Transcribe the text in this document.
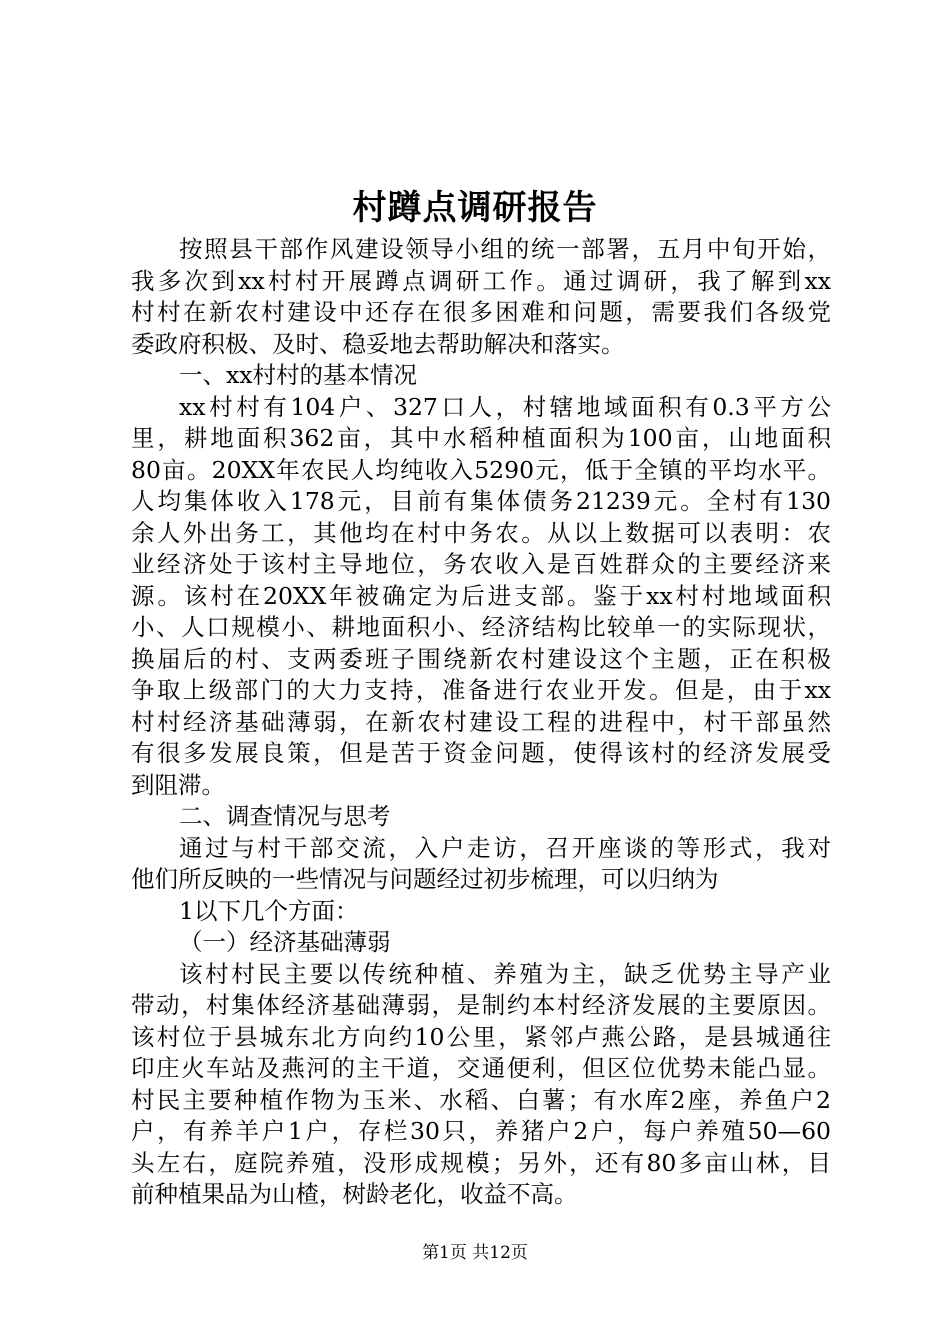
村蹲点调研报告
按照县干部作风建设领导小组的统一部署，五月中旬开始，
我多次到xx村村开展蹲点调研工作。通过调研，我了解到xx
村村在新农村建设中还存在很多困难和问题，需要我们各级党
委政府积极、及时、稳妥地去帮助解决和落实。
一、xx村村的基本情况
xx村村有104户、327口人，村辖地域面积有0.3平方公
里，耕地面积362亩，其中水稻种植面积为100亩，山地面积
80亩。20XX年农民人均纯收入5290元，低于全镇的平均水平。
人均集体收入178元，目前有集体债务21239元。全村有130
余人外出务工，其他均在村中务农。从以上数据可以表明：农
业经济处于该村主导地位，务农收入是百姓群众的主要经济来
源。该村在20XX年被确定为后进支部。鉴于xx村村地域面积
小、人口规模小、耕地面积小、经济结构比较单一的实际现状，
换届后的村、支两委班子围绕新农村建设这个主题，正在积极
争取上级部门的大力支持，准备进行农业开发。但是，由于xx
村村经济基础薄弱，在新农村建设工程的进程中，村干部虽然
有很多发展良策，但是苦于资金问题，使得该村的经济发展受
到阻滞。
二、调查情况与思考
通过与村干部交流，入户走访，召开座谈的等形式，我对
他们所反映的一些情况与问题经过初步梳理，可以归纳为
1以下几个方面：
（一）经济基础薄弱
该村村民主要以传统种植、养殖为主，缺乏优势主导产业
带动，村集体经济基础薄弱，是制约本村经济发展的主要原因。
该村位于县城东北方向约10公里，紧邻卢燕公路，是县城通往
印庄火车站及燕河的主干道，交通便利，但区位优势未能凸显。
村民主要种植作物为玉米、水稻、白薯；有水库2座，养鱼户2
户，有养羊户1户，存栏30只，养猪户2户，每户养殖50—60
头左右，庭院养殖，没形成规模；另外，还有80多亩山林，目
前种植果品为山楂，树龄老化，收益不高。
第1页 共12页
